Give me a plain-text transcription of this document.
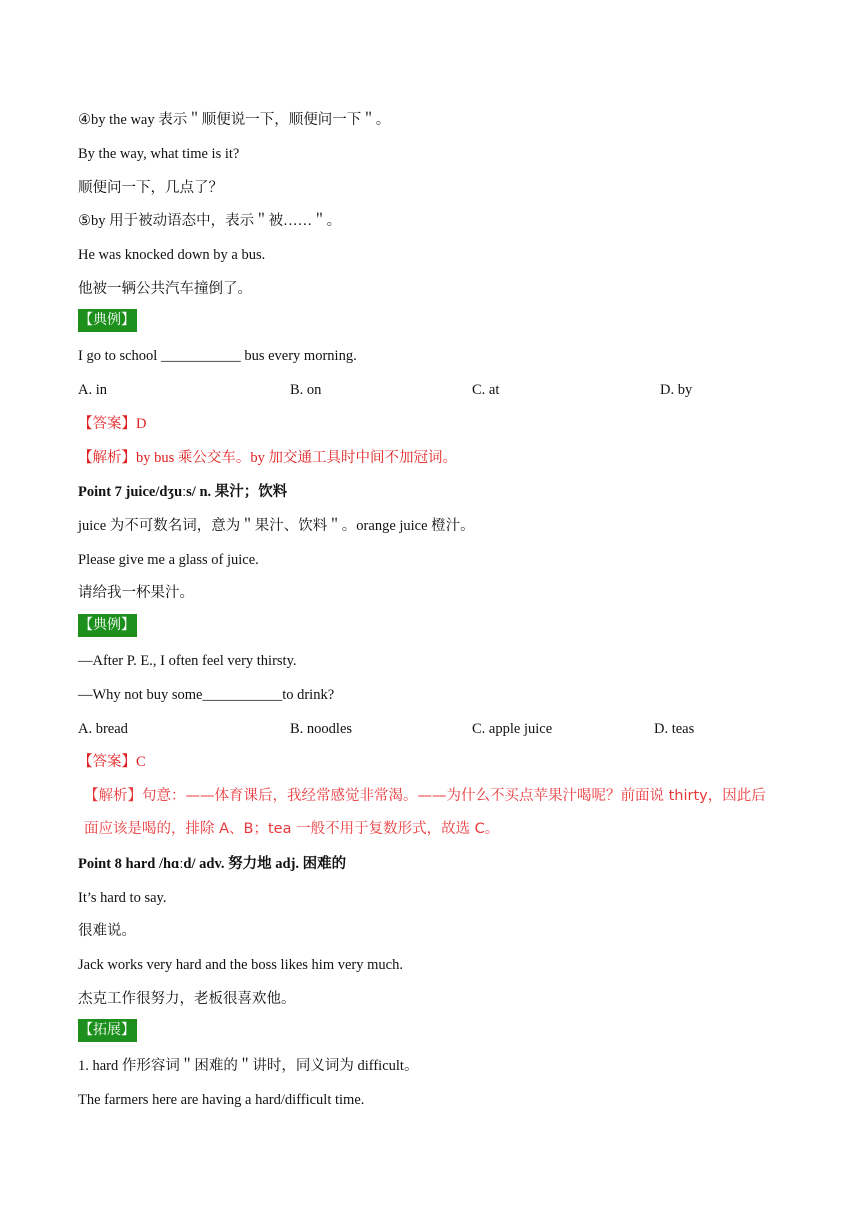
④by the way 表示＂顺便说一下，顺便问一下＂。
By the way, what time is it?
顺便问一下，几点了？
⑤by 用于被动语态中，表示＂被……＂。
He was knocked down by a bus.
他被一辆公共汽车撞倒了。
【典例】
I go to school ___________ bus every morning.
A. in	B. on	C. at	D. by
【答案】D
【解析】by bus 乘公交车。by 加交通工具时中间不加冠词。
Point 7 juice/dʒuːs/ n. 果汁；饮料
juice 为不可数名词，意为＂果汁、饮料＂。orange juice 橙汁。
Please give me a glass of juice.
请给我一杯果汁。
【典例】
—After P. E., I often feel very thirsty.
—Why not buy some___________to drink?
A. bread	B. noodles	C. apple juice	D. teas
【答案】C
【解析】句意：——体育课后，我经常感觉非常渴。——为什么不买点苹果汁喝呢？前面说 thirty，因此后
面应该是喝的，排除 A、B；tea 一般不用于复数形式，故选 C。
Point 8 hard /hɑːd/ adv. 努力地 adj. 困难的
It’s hard to say.
很难说。
Jack works very hard and the boss likes him very much.
杰克工作很努力，老板很喜欢他。
【拓展】
1. hard 作形容词＂困难的＂讲时，同义词为 difficult。
The farmers here are having a hard/difficult time.
